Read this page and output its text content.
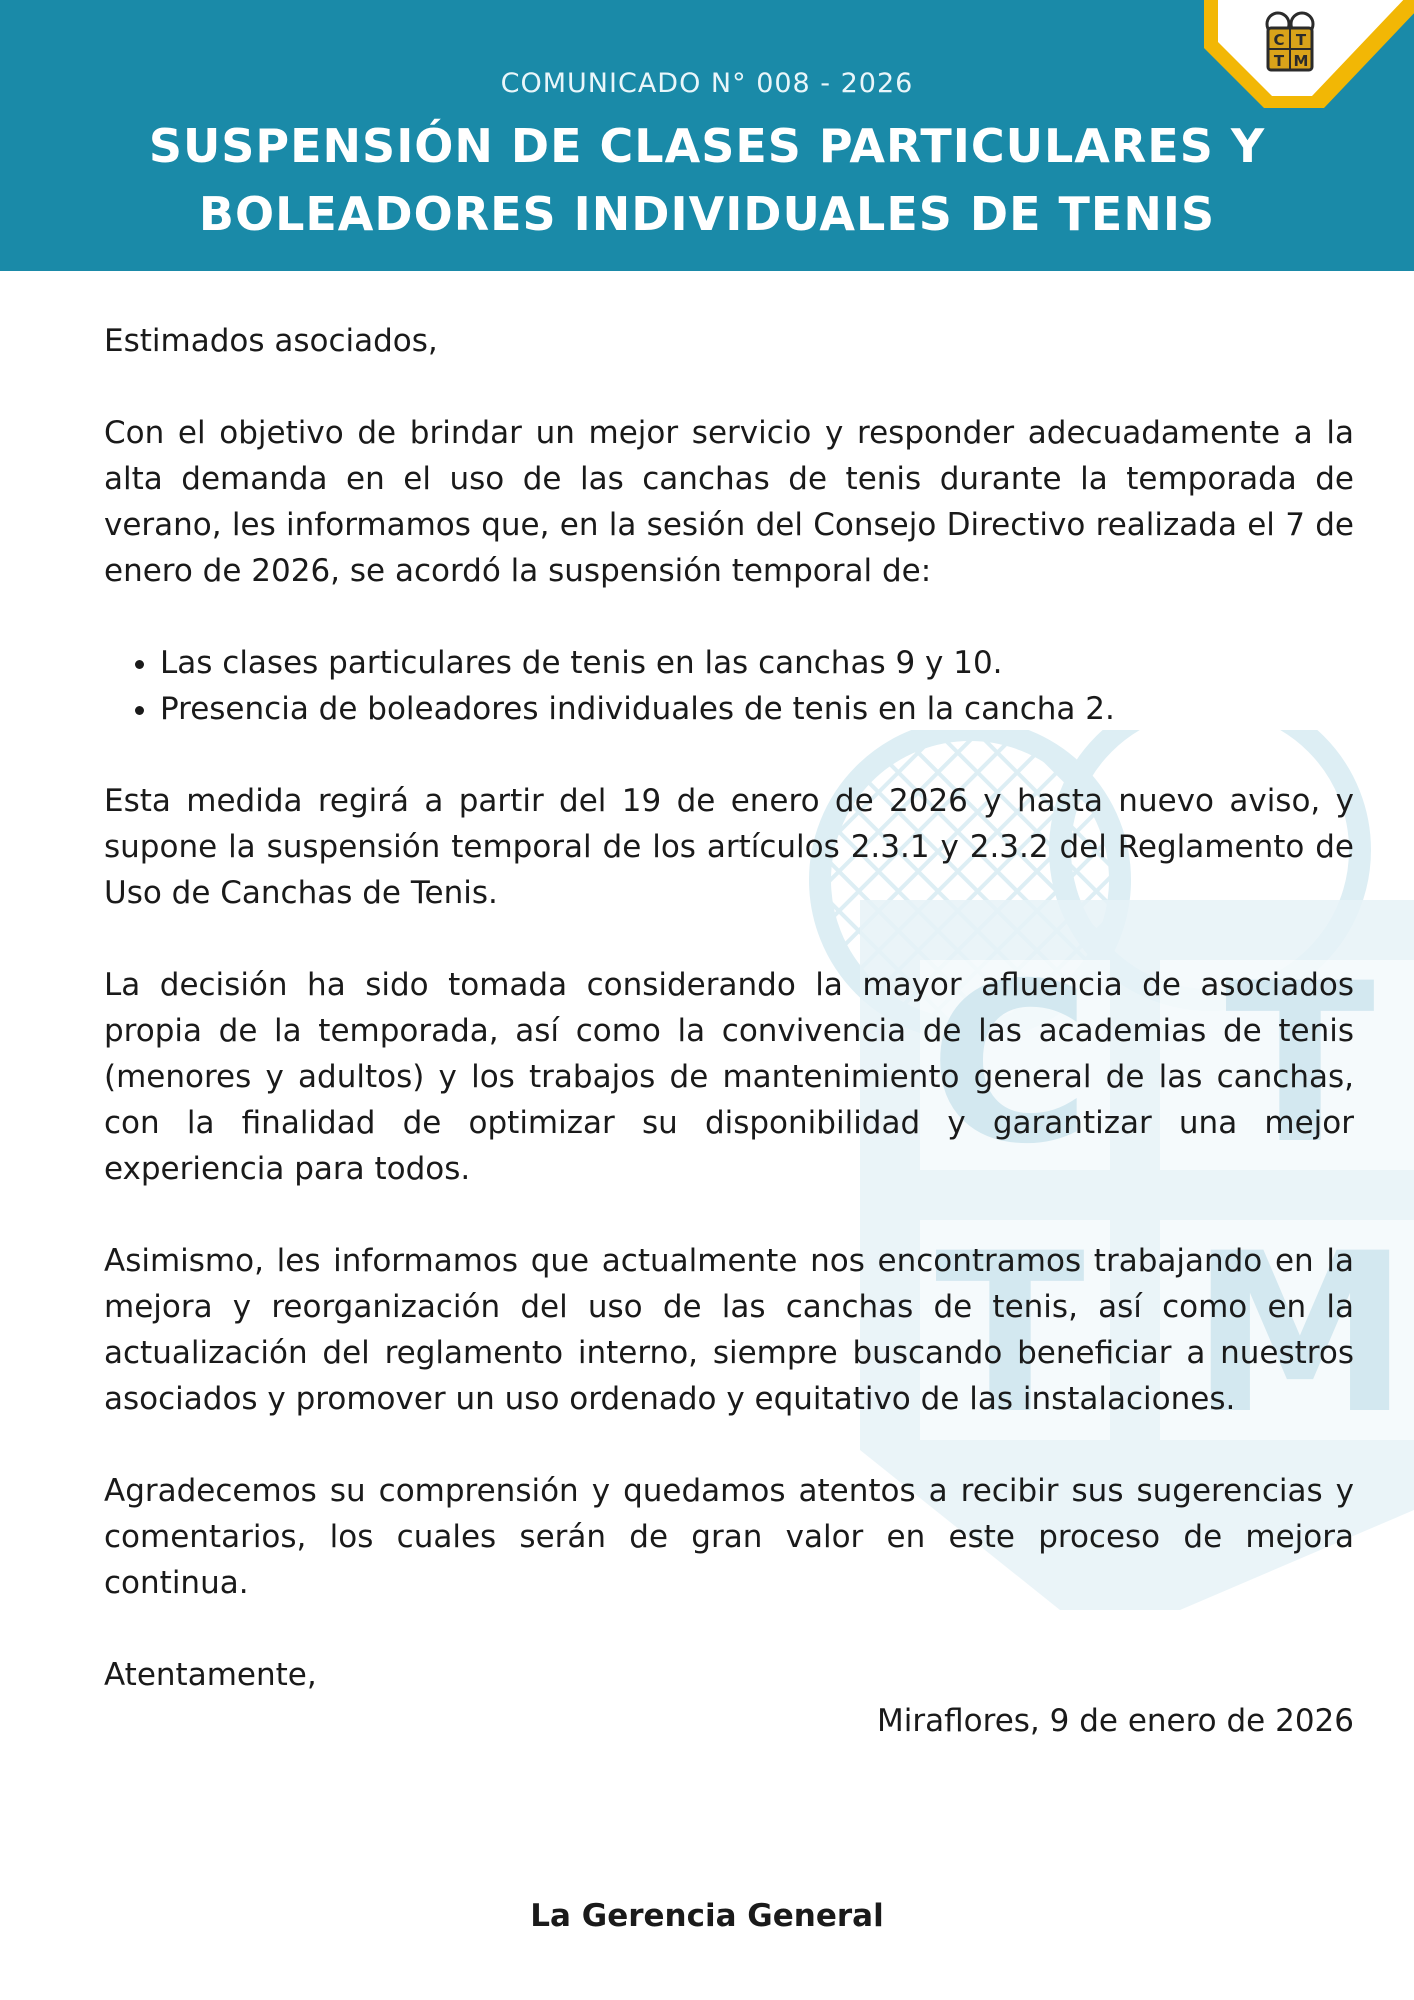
COMUNICADO N° 008 - 2026
SUSPENSIÓN DE CLASES PARTICULARES Y
BOLEADORES INDIVIDUALES DE TENIS
C T
T M
C T
T M

Estimados asociados,

Con el objetivo de brindar un mejor servicio y responder adecuadamente a la alta demanda en el uso de las canchas de tenis durante la temporada de verano, les informamos que, en la sesión del Consejo Directivo realizada el 7 de enero de 2026, se acordó la suspensión temporal de:

• Las clases particulares de tenis en las canchas 9 y 10.
• Presencia de boleadores individuales de tenis en la cancha 2.

Esta medida regirá a partir del 19 de enero de 2026 y hasta nuevo aviso, y supone la suspensión temporal de los artículos 2.3.1 y 2.3.2 del Reglamento de Uso de Canchas de Tenis.

La decisión ha sido tomada considerando la mayor afluencia de asociados propia de la temporada, así como la convivencia de las academias de tenis (menores y adultos) y los trabajos de mantenimiento general de las canchas, con la finalidad de optimizar su disponibilidad y garantizar una mejor experiencia para todos.

Asimismo, les informamos que actualmente nos encontramos trabajando en la mejora y reorganización del uso de las canchas de tenis, así como en la actualización del reglamento interno, siempre buscando beneficiar a nuestros asociados y promover un uso ordenado y equitativo de las instalaciones.

Agradecemos su comprensión y quedamos atentos a recibir sus sugerencias y comentarios, los cuales serán de gran valor en este proceso de mejora continua.

Atentamente,
Miraflores, 9 de enero de 2026
La Gerencia General
